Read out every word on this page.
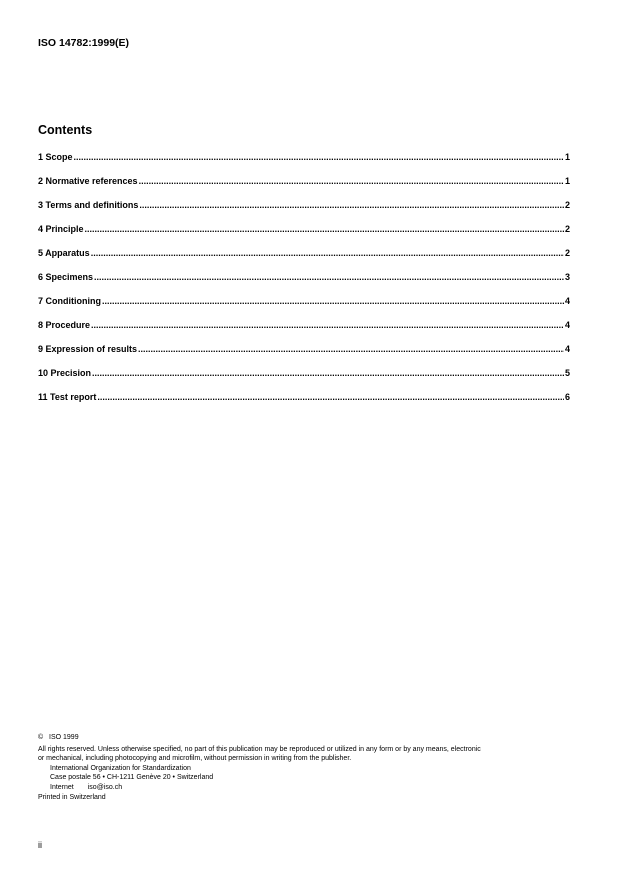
ISO 14782:1999(E)

Contents
1 Scope .....	1
2 Normative references .....	1
3 Terms and definitions .....	2
4 Principle .....	2
5 Apparatus .....	2
6 Specimens .....	3
7 Conditioning .....	4
8 Procedure .....	4
9 Expression of results .....	4
10 Precision .....	5
11 Test report .....	6

© ISO 1999

All rights reserved. Unless otherwise specified, no part of this publication may be reproduced or utilized in any form or by any means, electronic

or mechanical, including photocopying and microfilm, without permission in writing from the publisher.

International Organization for Standardization

Case postale 56 • CH-1211 Genève 20 • Switzerland

Internet iso@iso.ch

Printed in Switzerland

ii
